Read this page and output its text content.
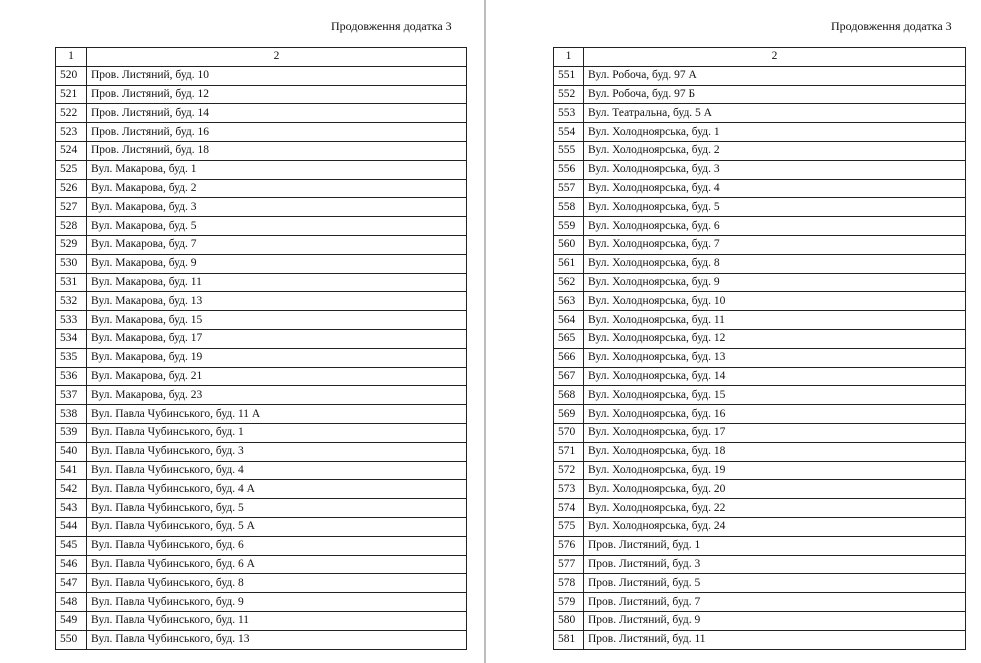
Продовження додатка 3
1	2
520	Пров. Листяний, буд. 10
521	Пров. Листяний, буд. 12
522	Пров. Листяний, буд. 14
523	Пров. Листяний, буд. 16
524	Пров. Листяний, буд. 18
525	Вул. Макарова, буд. 1
526	Вул. Макарова, буд. 2
527	Вул. Макарова, буд. 3
528	Вул. Макарова, буд. 5
529	Вул. Макарова, буд. 7
530	Вул. Макарова, буд. 9
531	Вул. Макарова, буд. 11
532	Вул. Макарова, буд. 13
533	Вул. Макарова, буд. 15
534	Вул. Макарова, буд. 17
535	Вул. Макарова, буд. 19
536	Вул. Макарова, буд. 21
537	Вул. Макарова, буд. 23
538	Вул. Павла Чубинського, буд. 11 А
539	Вул. Павла Чубинського, буд. 1
540	Вул. Павла Чубинського, буд. 3
541	Вул. Павла Чубинського, буд. 4
542	Вул. Павла Чубинського, буд. 4 А
543	Вул. Павла Чубинського, буд. 5
544	Вул. Павла Чубинського, буд. 5 А
545	Вул. Павла Чубинського, буд. 6
546	Вул. Павла Чубинського, буд. 6 А
547	Вул. Павла Чубинського, буд. 8
548	Вул. Павла Чубинського, буд. 9
549	Вул. Павла Чубинського, буд. 11
550	Вул. Павла Чубинського, буд. 13
Продовження додатка 3
1	2
551	Вул. Робоча, буд. 97 А
552	Вул. Робоча, буд. 97 Б
553	Вул. Театральна, буд. 5 А
554	Вул. Холодноярська, буд. 1
555	Вул. Холодноярська, буд. 2
556	Вул. Холодноярська, буд. 3
557	Вул. Холодноярська, буд. 4
558	Вул. Холодноярська, буд. 5
559	Вул. Холодноярська, буд. 6
560	Вул. Холодноярська, буд. 7
561	Вул. Холодноярська, буд. 8
562	Вул. Холодноярська, буд. 9
563	Вул. Холодноярська, буд. 10
564	Вул. Холодноярська, буд. 11
565	Вул. Холодноярська, буд. 12
566	Вул. Холодноярська, буд. 13
567	Вул. Холодноярська, буд. 14
568	Вул. Холодноярська, буд. 15
569	Вул. Холодноярська, буд. 16
570	Вул. Холодноярська, буд. 17
571	Вул. Холодноярська, буд. 18
572	Вул. Холодноярська, буд. 19
573	Вул. Холодноярська, буд. 20
574	Вул. Холодноярська, буд. 22
575	Вул. Холодноярська, буд. 24
576	Пров. Листяний, буд. 1
577	Пров. Листяний, буд. 3
578	Пров. Листяний, буд. 5
579	Пров. Листяний, буд. 7
580	Пров. Листяний, буд. 9
581	Пров. Листяний, буд. 11
